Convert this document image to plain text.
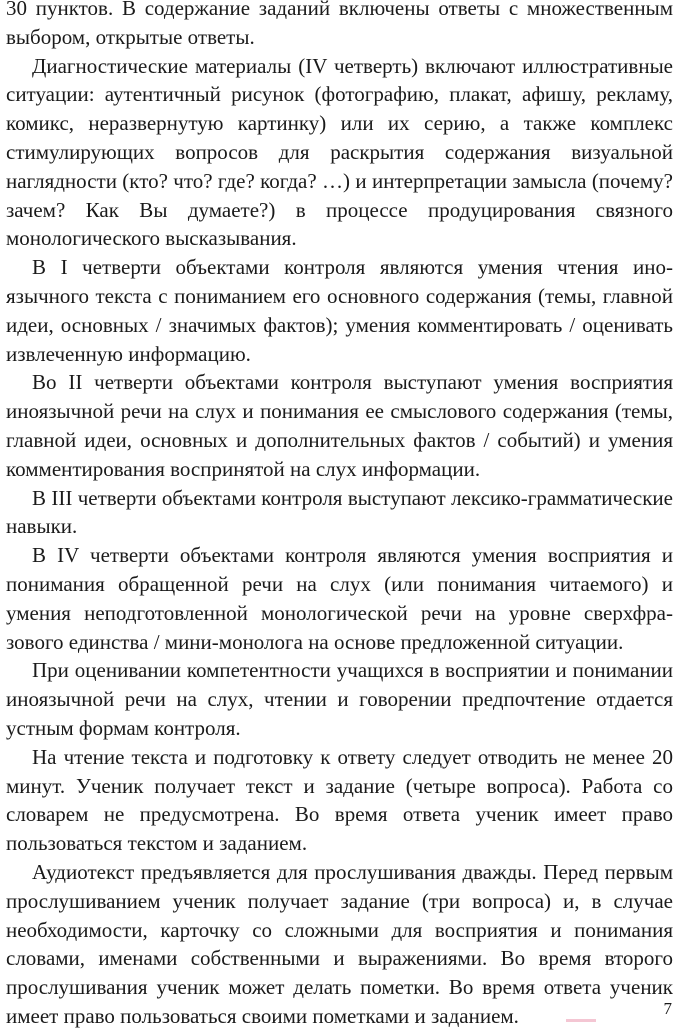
30 пунктов. В содержание заданий включены ответы с множественным выбором, открытые ответы.

Диагностические материалы (IV четверть) включают иллюстративные ситуации: аутентичный рисунок (фотографию, плакат, афишу, рекламу, комикс, неразвернутую картинку) или их серию, а также комплекс стимулирующих вопросов для раскрытия содержания визуальной наглядности (кто? что? где? когда? …) и интерпретации замысла (почему? зачем? Как Вы думаете?) в процессе продуцирования связного монологического высказывания.

В I четверти объектами контроля являются умения чтения иноязычного текста с пониманием его основного содержания (темы, главной идеи, основных / значимых фактов); умения комментировать / оценивать извлеченную информацию.

Во II четверти объектами контроля выступают умения восприятия иноязычной речи на слух и понимания ее смыслового содержания (темы, главной идеи, основных и дополнительных фактов / событий) и умения комментирования воспринятой на слух информации.

В III четверти объектами контроля выступают лексико-граммaтические навыки.

В IV четверти объектами контроля являются умения восприятия и понимания обращенной речи на слух (или понимания читаемого) и умения неподготовленной монологической речи на уровне сверхфразового единства / мини-монолога на основе предложенной ситуации.

При оценивании компетентности учащихся в восприятии и понимании иноязычной речи на слух, чтении и говорении предпочтение отдается устным формам контроля.

На чтение текста и подготовку к ответу следует отводить не менее 20 минут. Ученик получает текст и задание (четыре вопроса). Работа со словарем не предусмотрена. Во время ответа ученик имеет право пользоваться текстом и заданием.

Аудиотекст предъявляется для прослушивания дважды. Перед первым прослушиванием ученик получает задание (три вопроса) и, в случае необходимости, карточку со сложными для восприятия и понимания словами, именами собственными и выражениями. Во время второго прослушивания ученик может делать пометки. Во время ответа ученик имеет право пользоваться своими пометками и заданием.	7
